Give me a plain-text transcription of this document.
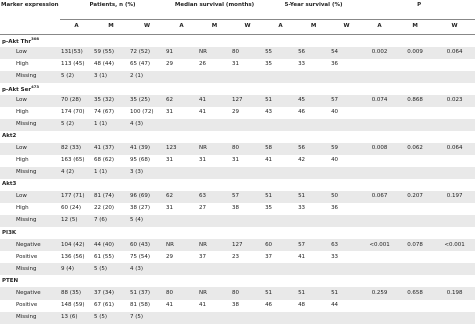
Marker expression	Patients, n (%)			Median survival (months)			5-Year survival (%)			P		
	A	M	W	A	M	W	A	M	W	A	M	W
p-Akt Thr$^{308}$												
Low	131(53)	59 (55)	72 (52)	91	NR	80	55	56	54	0.002	0.009	0.064
High	113 (45)	48 (44)	65 (47)	29	26	31	35	33	36			
Missing	5 (2)	3 (1)	2 (1)									
p-Akt Ser$^{473}$												
Low	70 (28)	35 (32)	35 (25)	62	41	127	51	45	57	0.074	0.868	0.023
High	174 (70)	74 (67)	100 (72)	31	41	29	43	46	40			
Missing	5 (2)	1 (1)	4 (3)									
Akt2												
Low	82 (33)	41 (37)	41 (39)	123	NR	80	58	56	59	0.008	0.062	0.064
High	163 (65)	68 (62)	95 (68)	31	31	31	41	42	40			
Missing	4 (2)	1 (1)	3 (3)									
Akt3												
Low	177 (71)	81 (74)	96 (69)	62	63	57	51	51	50	0.067	0.207	0.197
High	60 (24)	22 (20)	38 (27)	31	27	38	35	33	36			
Missing	12 (5)	7 (6)	5 (4)									
PI3K												
Negative	104 (42)	44 (40)	60 (43)	NR	NR	127	60	57	63	<0.001	0.078	<0.001
Positive	136 (56)	61 (55)	75 (54)	29	37	23	37	41	33			
Missing	9 (4)	5 (5)	4 (3)									
PTEN												
Negative	88 (35)	37 (34)	51 (37)	80	NR	80	51	51	51	0.259	0.658	0.198
Positive	148 (59)	67 (61)	81 (58)	41	41	38	46	48	44			
Missing	13 (6)	5 (5)	7 (5)									
